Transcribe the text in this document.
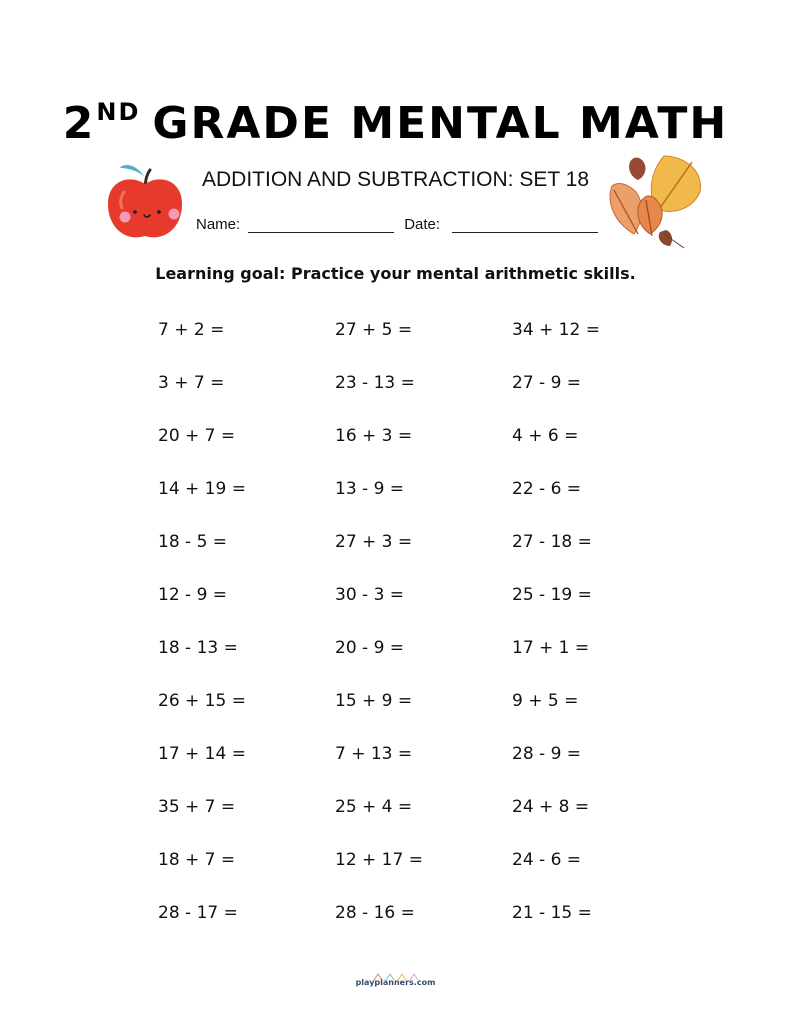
2ND GRADE MENTAL MATH
ADDITION AND SUBTRACTION: SET 18
Name:	Date:
Learning goal: Practice your mental arithmetic skills.
7 + 2 =	27 + 5 =	34 + 12 =
3 + 7 =	23 - 13 =	27 - 9 =
20 + 7 =	16 + 3 =	4 + 6 =
14 + 19 =	13 - 9 =	22 - 6 =
18 - 5 =	27 + 3 =	27 - 18 =
12 - 9 =	30 - 3 =	25 - 19 =
18 - 13 =	20 - 9 =	17 + 1 =
26 + 15 =	15 + 9 =	9 + 5 =
17 + 14 =	7 + 13 =	28 - 9 =
35 + 7 =	25 + 4 =	24 + 8 =
18 + 7 =	12 + 17 =	24 - 6 =
28 - 17 =	28 - 16 =	21 - 15 =
playplanners.com
